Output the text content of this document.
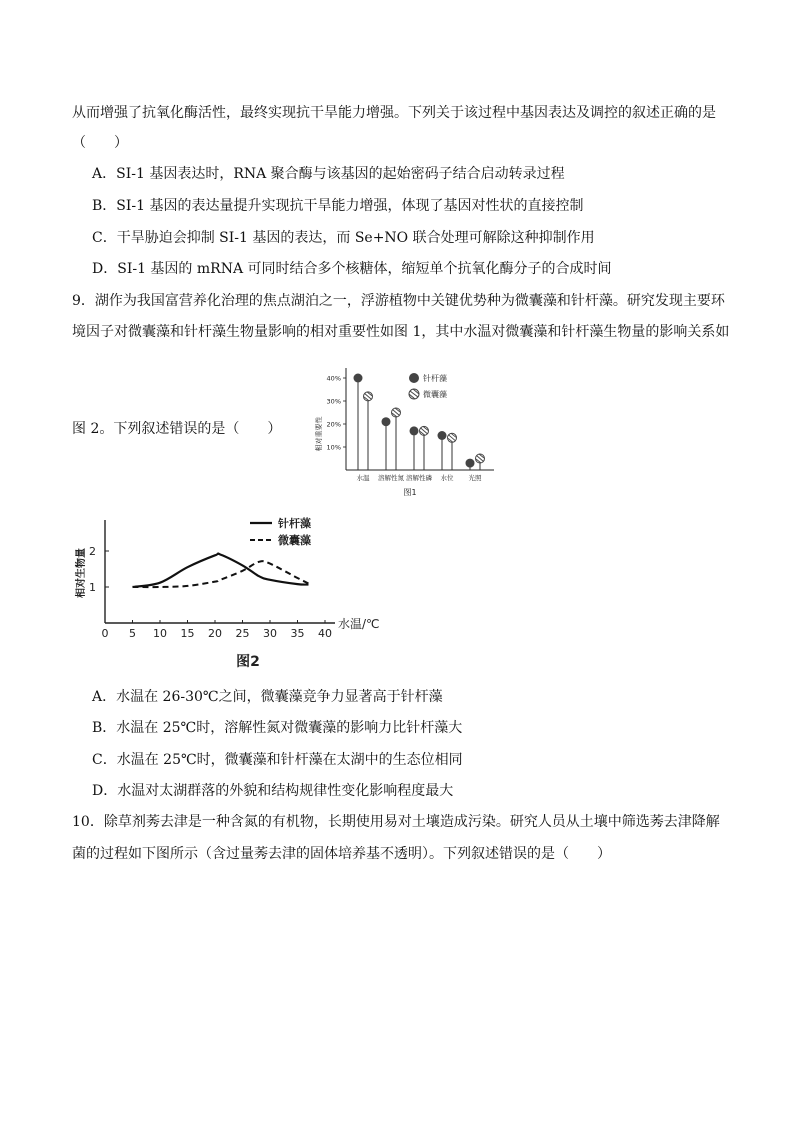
从而增强了抗氧化酶活性，最终实现抗干旱能力增强。下列关于该过程中基因表达及调控的叙述正确的是
（　　）
A．SI-1 基因表达时，RNA 聚合酶与该基因的起始密码子结合启动转录过程
B．SI-1 基因的表达量提升实现抗干旱能力增强，体现了基因对性状的直接控制
C．干旱胁迫会抑制 SI-1 基因的表达，而 Se+NO 联合处理可解除这种抑制作用
D．SI-1 基因的 mRNA 可同时结合多个核糖体，缩短单个抗氧化酶分子的合成时间
9．湖作为我国富营养化治理的焦点湖泊之一，浮游植物中关键优势种为微囊藻和针杆藻。研究发现主要环
境因子对微囊藻和针杆藻生物量影响的相对重要性如图 1，其中水温对微囊藻和针杆藻生物量的影响关系如
图 2。下列叙述错误的是（　　）	相对重要性
40%
30%
20%
10%
水温 溶解性氮 溶解性磷 水位 光照
针杆藻
微囊藻
图1
相对生物量
0 5 10 15 20 25 30 35 40
2
1
针杆藻
微囊藻
水温/℃
图2
A．水温在 26-30℃之间，微囊藻竞争力显著高于针杆藻
B．水温在 25℃时，溶解性氮对微囊藻的影响力比针杆藻大
C．水温在 25℃时，微囊藻和针杆藻在太湖中的生态位相同
D．水温对太湖群落的外貌和结构规律性变化影响程度最大
10．除草剂莠去津是一种含氮的有机物，长期使用易对土壤造成污染。研究人员从土壤中筛选莠去津降解
菌的过程如下图所示（含过量莠去津的固体培养基不透明）。下列叙述错误的是（　　）
